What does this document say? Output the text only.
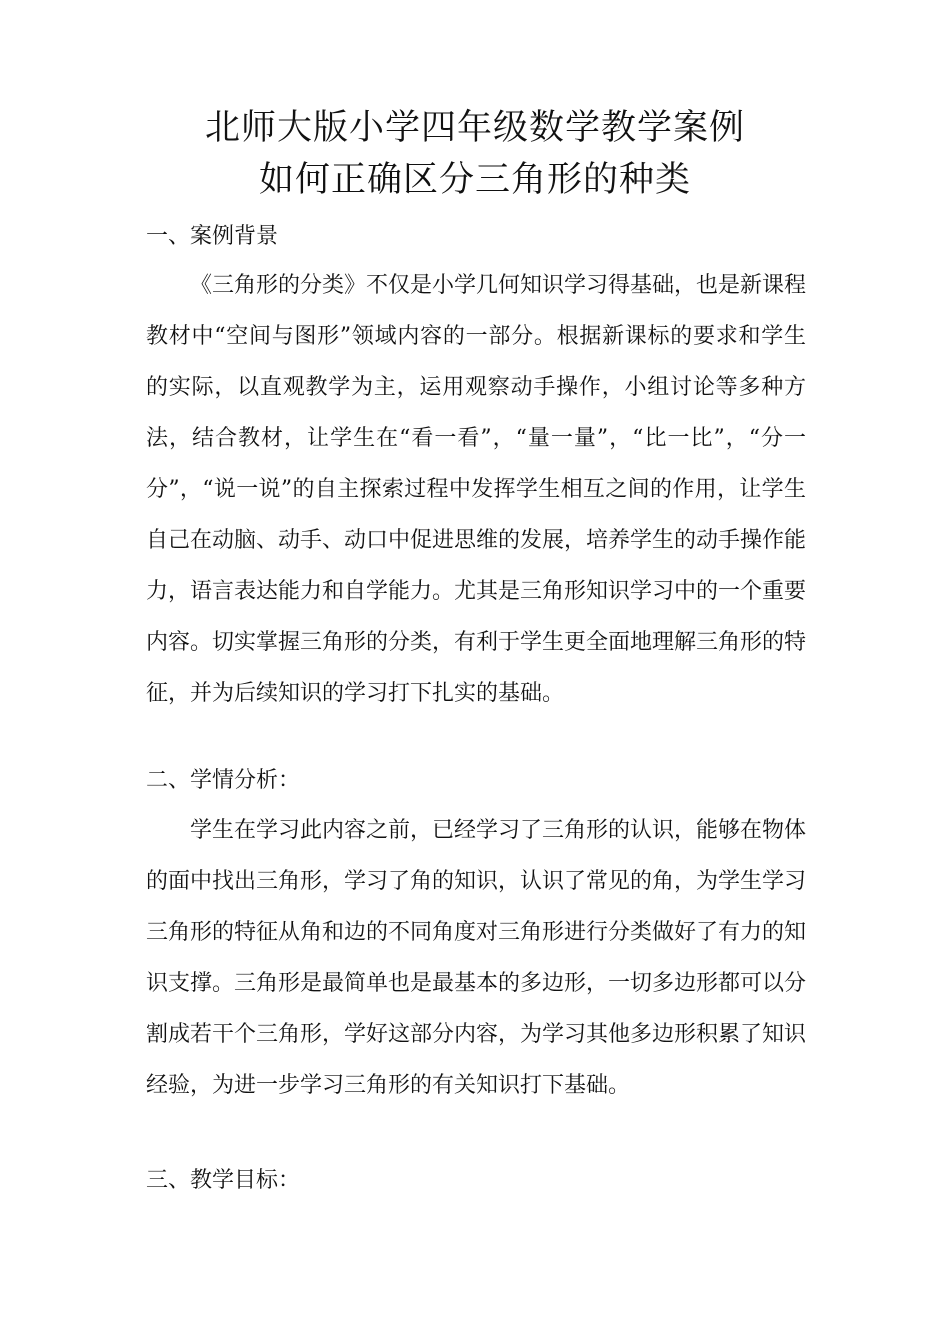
北师大版小学四年级数学教学案例
如何正确区分三角形的种类
一、案例背景

《三角形的分类》不仅是小学几何知识学习得基础，也是新课程教材中“空间与图形”领域内容的一部分。根据新课标的要求和学生的实际，以直观教学为主，运用观察动手操作，小组讨论等多种方法，结合教材，让学生在“看一看”，“量一量”，“比一比”，“分一分”，“说一说”的自主探索过程中发挥学生相互之间的作用，让学生自己在动脑、动手、动口中促进思维的发展，培养学生的动手操作能力，语言表达能力和自学能力。尤其是三角形知识学习中的一个重要内容。切实掌握三角形的分类，有利于学生更全面地理解三角形的特征，并为后续知识的学习打下扎实的基础。

二、学情分析：

学生在学习此内容之前，已经学习了三角形的认识，能够在物体的面中找出三角形，学习了角的知识，认识了常见的角，为学生学习三角形的特征从角和边的不同角度对三角形进行分类做好了有力的知识支撑。三角形是最简单也是最基本的多边形，一切多边形都可以分割成若干个三角形，学好这部分内容，为学习其他多边形积累了知识经验，为进一步学习三角形的有关知识打下基础。

三、教学目标：
